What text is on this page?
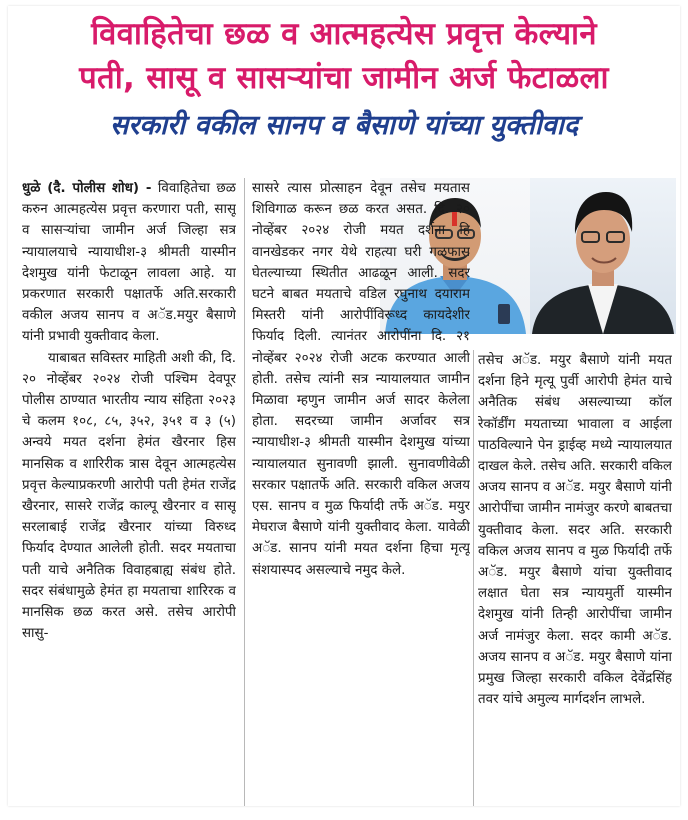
विवाहितेचा छळ व आत्महत्येस प्रवृत्त केल्याने
पती, सासू व सासऱ्यांचा जामीन अर्ज फेटाळला
सरकारी वकील सानप व बैसाणे यांच्या युक्तीवाद

धुळे (दै. पोलीस शोध) - विवाहितेचा छळ करुन आत्महत्येस प्रवृत्त करणारा पती, सासू व सासऱ्यांचा जामीन अर्ज जिल्हा सत्र न्यायालयाचे न्यायाधीश-३ श्रीमती यास्मीन देशमुख यांनी फेटाळून लावला आहे. या प्रकरणात सरकारी पक्षातर्फे अति.सरकारी वकील अजय सानप व अॅड.मयुर बैसाणे यांनी प्रभावी युक्तीवाद केला.

याबाबत सविस्तर माहिती अशी की, दि. २० नोव्हेंबर २०२४ रोजी पश्चिम देवपूर पोलीस ठाण्यात भारतीय न्याय संहिता २०२३ चे कलम १०८, ८५, ३५२, ३५१ व ३ (५) अन्वये मयत दर्शना हेमंत खैरनार हिस मानसिक व शारिरीक त्रास देवून आत्महत्येस प्रवृत्त केल्याप्रकरणी आरोपी पती हेमंत राजेंद्र खैरनार, सासरे राजेंद्र काल्पू खैरनार व सासू सरलाबाई राजेंद्र खैरनार यांच्या विरुध्द फिर्याद देण्यात आलेली होती. सदर मयताचा पती याचे अनैतिक विवाहबाह्य संबंध होते. सदर संबंधामुळे हेमंत हा मयताचा शारिरक व मानसिक छळ करत असे. तसेच आरोपी सासु-

सासरे त्यास प्रोत्साहन देवून तसेच मयतास शिविगाळ करून छळ करत असत. दि. २० नोव्हेंबर २०२४ रोजी मयत दर्शना हि वानखेडकर नगर येथे राहत्या घरी गळफास घेतल्याच्या स्थितीत आढळून आली. सदर घटने बाबत मयताचे वडिल रघुनाथ दयाराम मिस्तरी यांनी आरोपींविरूध्द कायदेशीर फिर्याद दिली. त्यानंतर आरोपींना दि. २१ नोव्हेंबर २०२४ रोजी अटक करण्यात आली होती. तसेच त्यांनी सत्र न्यायालयात जामीन मिळावा म्हणुन जामीन अर्ज सादर केलेला होता. सदरच्या जामीन अर्जावर सत्र न्यायाधीश-३ श्रीमती यास्मीन देशमुख यांच्या न्यायालयात सुनावणी झाली. सुनावणीवेळी सरकार पक्षातर्फे अति. सरकारी वकिल अजय एस. सानप व मुळ फिर्यादी तर्फे अॅड. मयुर मेघराज बैसाणे यांनी युक्तीवाद केला. यावेळी अॅड. सानप यांनी मयत दर्शना हिचा मृत्यू संशयास्पद असल्याचे नमुद केले.

तसेच अॅड. मयुर बैसाणे यांनी मयत दर्शना हिने मृत्यू पुर्वी आरोपी हेमंत याचे अनैतिक संबंध असल्याच्या कॉल रेकॉर्डींग मयताच्या भावाला व आईला पाठविल्याने पेन ड्राईव्ह मध्ये न्यायालयात दाखल केले. तसेच अति. सरकारी वकिल अजय सानप व अॅड. मयुर बैसाणे यांनी आरोपींचा जामीन नामंजुर करणे बाबतचा युक्तीवाद केला. सदर अति. सरकारी वकिल अजय सानप व मुळ फिर्यादी तर्फे अॅड. मयुर बैसाणे यांचा युक्तीवाद लक्षात घेता सत्र न्यायमुर्ती यास्मीन देशमुख यांनी तिन्ही आरोपींचा जामीन अर्ज नामंजुर केला. सदर कामी अॅड. अजय सानप व अॅड. मयुर बैसाणे यांना प्रमुख जिल्हा सरकारी वकिल देवेंद्रसिंह तवर यांचे अमुल्य मार्गदर्शन लाभले.
